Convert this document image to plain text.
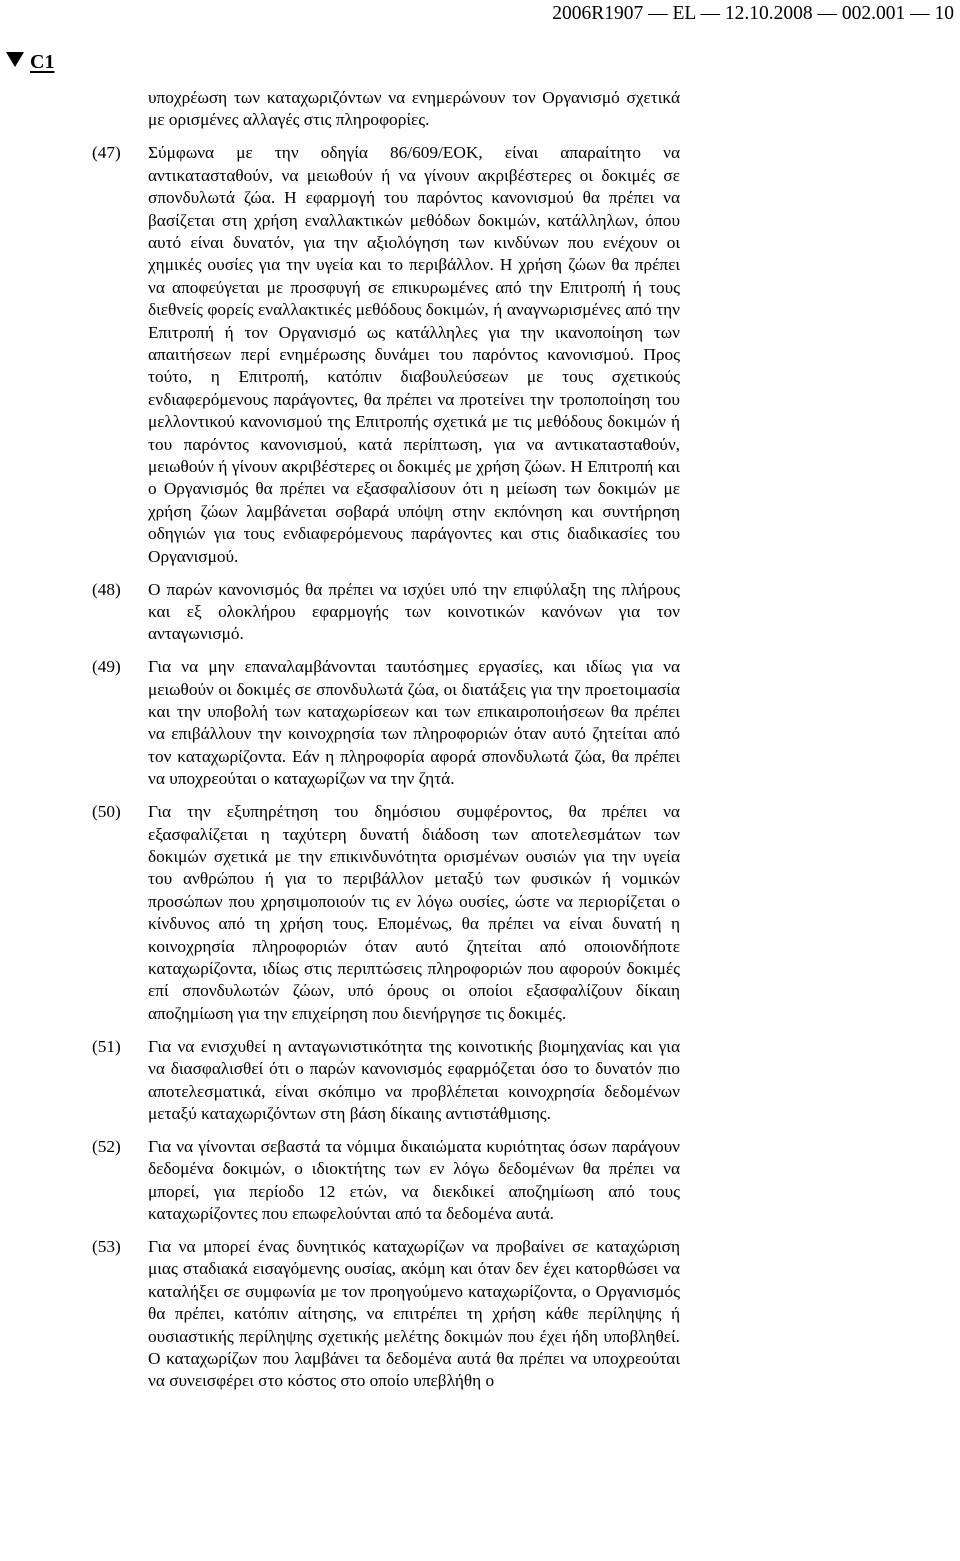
2006R1907 — EL — 12.10.2008 — 002.001 — 10
C1

υποχρέωση των καταχωριζόντων να ενημερώνουν τον Οργανισμό σχετικά με ορισμένες αλλαγές στις πληροφορίες.

(47)	Σύμφωνα με την οδηγία 86/609/ΕΟΚ, είναι απαραίτητο να αντικατασταθούν, να μειωθούν ή να γίνουν ακριβέστερες οι δοκιμές σε σπονδυλωτά ζώα. Η εφαρμογή του παρόντος κανονισμού θα πρέπει να βασίζεται στη χρήση εναλλακτικών μεθόδων δοκιμών, κατάλληλων, όπου αυτό είναι δυνατόν, για την αξιολόγηση των κινδύνων που ενέχουν οι χημικές ουσίες για την υγεία και το περιβάλλον. Η χρήση ζώων θα πρέπει να αποφεύγεται με προσφυγή σε επικυρωμένες από την Επιτροπή ή τους διεθνείς φορείς εναλλακτικές μεθόδους δοκιμών, ή αναγνωρισμένες από την Επιτροπή ή τον Οργανισμό ως κατάλληλες για την ικανοποίηση των απαιτήσεων περί ενημέρωσης δυνάμει του παρόντος κανονισμού. Προς τούτο, η Επιτροπή, κατόπιν διαβουλεύσεων με τους σχετικούς ενδιαφερόμενους παράγοντες, θα πρέπει να προτείνει την τροποποίηση του μελλοντικού κανονισμού της Επιτροπής σχετικά με τις μεθόδους δοκιμών ή του παρόντος κανονισμού, κατά περίπτωση, για να αντικατασταθούν, μειωθούν ή γίνουν ακριβέστερες οι δοκιμές με χρήση ζώων. Η Επιτροπή και ο Οργανισμός θα πρέπει να εξασφαλίσουν ότι η μείωση των δοκιμών με χρήση ζώων λαμβάνεται σοβαρά υπόψη στην εκπόνηση και συντήρηση οδηγιών για τους ενδιαφερόμενους παράγοντες και στις διαδικασίες του Οργανισμού.

(48)	Ο παρών κανονισμός θα πρέπει να ισχύει υπό την επιφύλαξη της πλήρους και εξ ολοκλήρου εφαρμογής των κοινοτικών κανόνων για τον ανταγωνισμό.

(49)	Για να μην επαναλαμβάνονται ταυτόσημες εργασίες, και ιδίως για να μειωθούν οι δοκιμές σε σπονδυλωτά ζώα, οι διατάξεις για την προετοιμασία και την υποβολή των καταχωρίσεων και των επικαιροποιήσεων θα πρέπει να επιβάλλουν την κοινοχρησία των πληροφοριών όταν αυτό ζητείται από τον καταχωρίζοντα. Εάν η πληροφορία αφορά σπονδυλωτά ζώα, θα πρέπει να υποχρεούται ο καταχωρίζων να την ζητά.

(50)	Για την εξυπηρέτηση του δημόσιου συμφέροντος, θα πρέπει να εξασφαλίζεται η ταχύτερη δυνατή διάδοση των αποτελεσμάτων των δοκιμών σχετικά με την επικινδυνότητα ορισμένων ουσιών για την υγεία του ανθρώπου ή για το περιβάλλον μεταξύ των φυσικών ή νομικών προσώπων που χρησιμοποιούν τις εν λόγω ουσίες, ώστε να περιορίζεται ο κίνδυνος από τη χρήση τους. Επομένως, θα πρέπει να είναι δυνατή η κοινοχρησία πληροφοριών όταν αυτό ζητείται από οποιονδήποτε καταχωρίζοντα, ιδίως στις περιπτώσεις πληροφοριών που αφορούν δοκιμές επί σπονδυλωτών ζώων, υπό όρους οι οποίοι εξασφαλίζουν δίκαιη αποζημίωση για την επιχείρηση που διενήργησε τις δοκιμές.

(51)	Για να ενισχυθεί η ανταγωνιστικότητα της κοινοτικής βιομηχανίας και για να διασφαλισθεί ότι ο παρών κανονισμός εφαρμόζεται όσο το δυνατόν πιο αποτελεσματικά, είναι σκόπιμο να προβλέπεται κοινοχρησία δεδομένων μεταξύ καταχωριζόντων στη βάση δίκαιης αντιστάθμισης.

(52)	Για να γίνονται σεβαστά τα νόμιμα δικαιώματα κυριότητας όσων παράγουν δεδομένα δοκιμών, ο ιδιοκτήτης των εν λόγω δεδομένων θα πρέπει να μπορεί, για περίοδο 12 ετών, να διεκδικεί αποζημίωση από τους καταχωρίζοντες που επωφελούνται από τα δεδομένα αυτά.

(53)	Για να μπορεί ένας δυνητικός καταχωρίζων να προβαίνει σε καταχώριση μιας σταδιακά εισαγόμενης ουσίας, ακόμη και όταν δεν έχει κατορθώσει να καταλήξει σε συμφωνία με τον προηγούμενο καταχωρίζοντα, ο Οργανισμός θα πρέπει, κατόπιν αίτησης, να επιτρέπει τη χρήση κάθε περίληψης ή ουσιαστικής περίληψης σχετικής μελέτης δοκιμών που έχει ήδη υποβληθεί. Ο καταχωρίζων που λαμβάνει τα δεδομένα αυτά θα πρέπει να υποχρεούται να συνεισφέρει στο κόστος στο οποίο υπεβλήθη ο
